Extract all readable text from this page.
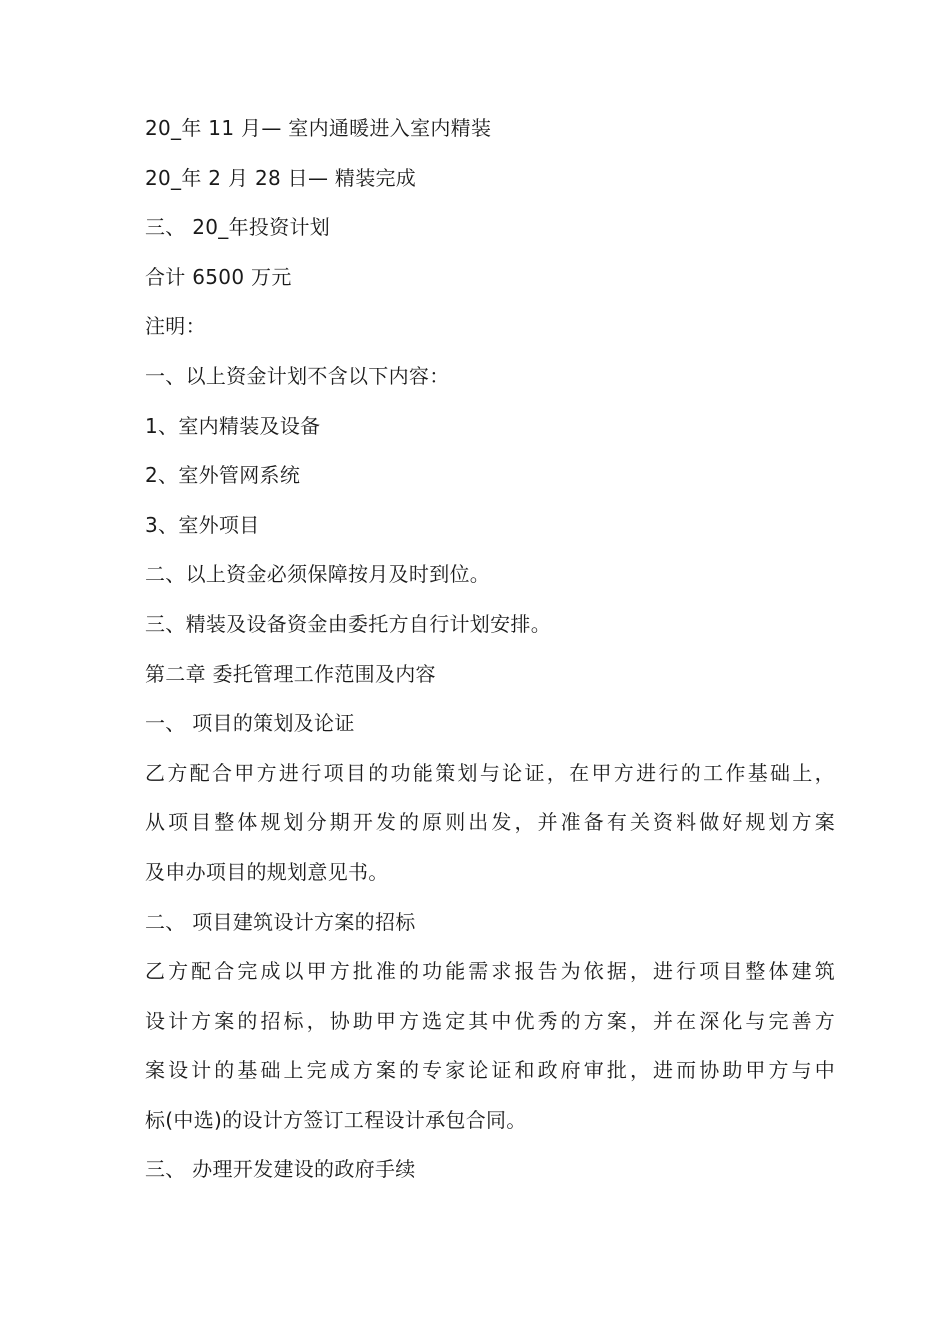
20_年 11 月— 室内通暖进入室内精装
20_年 2 月 28 日— 精装完成
三、 20_年投资计划
合计 6500 万元
注明：
一、以上资金计划不含以下内容：
1、室内精装及设备
2、室外管网系统
3、室外项目
二、以上资金必须保障按月及时到位。
三、精装及设备资金由委托方自行计划安排。
第二章 委托管理工作范围及内容
一、 项目的策划及论证
乙方配合甲方进行项目的功能策划与论证，在甲方进行的工作基础上，
从项目整体规划分期开发的原则出发，并准备有关资料做好规划方案
及申办项目的规划意见书。
二、 项目建筑设计方案的招标
乙方配合完成以甲方批准的功能需求报告为依据，进行项目整体建筑
设计方案的招标，协助甲方选定其中优秀的方案，并在深化与完善方
案设计的基础上完成方案的专家论证和政府审批，进而协助甲方与中
标(中选)的设计方签订工程设计承包合同。
三、 办理开发建设的政府手续
